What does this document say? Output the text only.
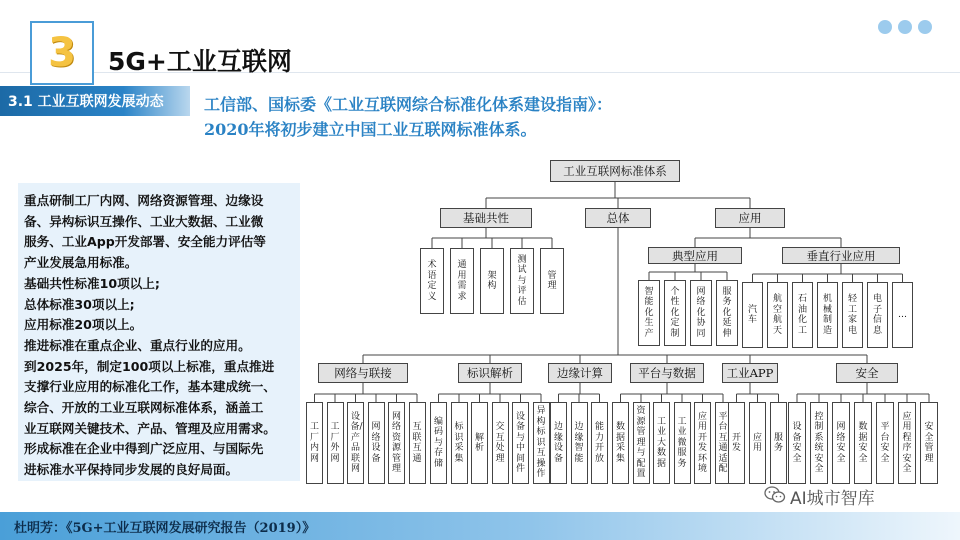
3	5G+工业互联网
3.1 工业互联网发展动态	工信部、国标委《工业互联网综合标准化体系建设指南》：
2020年将初步建立中国工业互联网标准体系。
重点研制工厂内网、网络资源管理、边缘设
备、异构标识互操作、工业大数据、工业微
服务、工业App开发部署、安全能力评估等
产业发展急用标准。
基础共性标准10项以上;
总体标准30项以上;
应用标准20项以上。
推进标准在重点企业、重点行业的应用。
到2025年，制定100项以上标准，重点推进
支撑行业应用的标准化工作，基本建成统一、
综合、开放的工业互联网标准体系，涵盖工
业互联网关键技术、产品、管理及应用需求。
形成标准在企业中得到广泛应用、与国际先
进标准水平保持同步发展的良好局面。
工业互联网标准体系
基础共性	总体	应用
术语定义
通用需求
架构
测试与评估
管理
典型应用	垂直行业应用
智能化生产
个性化定制
网络化协同
服务化延伸
汽车
航空航天
石油化工
机械制造
轻工家电
电子信息
…
网络与联接	标识解析	边缘计算	平台与数据	工业APP	安全
工厂内网
工厂外网
设备/产品联网
网络设备
网络资源管理
互联互通
编码与存储
标识采集
解析
交互处理
设备与中间件
异构标识互操作
边缘设备
边缘智能
能力开放
数据采集
资源管理与配置
工业大数据
工业微服务
应用开发环境
平台互通适配
开发
应用
服务
设备安全
控制系统安全
网络安全
数据安全
平台安全
应用程序安全
安全管理
AI城市智库
杜明芳：《5G+工业互联网发展研究报告（2019）》
